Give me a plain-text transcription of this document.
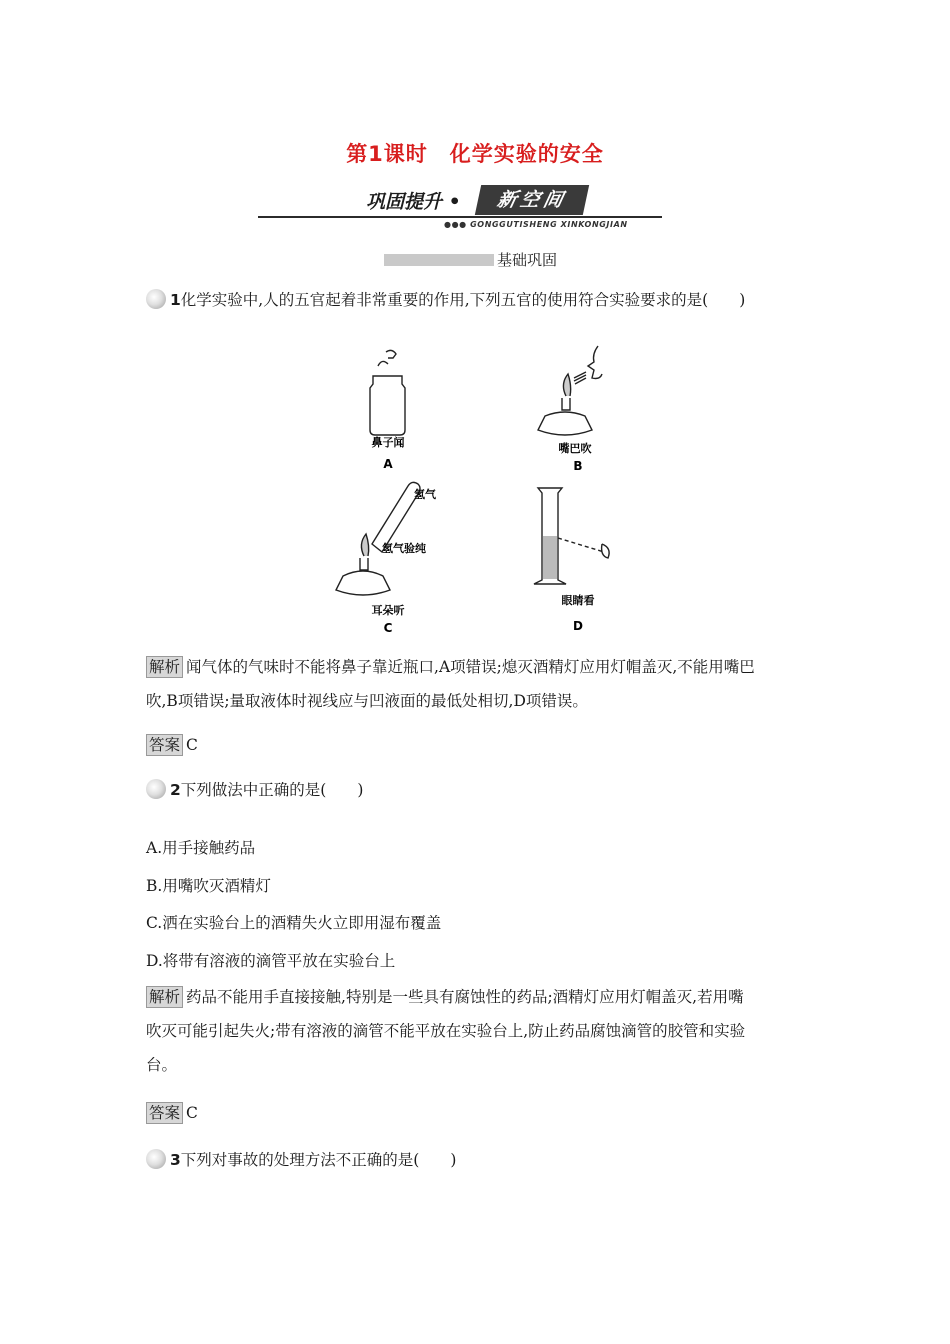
第1课时　化学实验的安全
巩固提升 •	新空间
●●● GONGGUTISHENG XINKONGJIAN
基础巩固
1化学实验中,人的五官起着非常重要的作用,下列五官的使用符合实验要求的是(　　)
鼻子闻
A
嘴巴吹
B
氢气
氢气验纯
耳朵听
C
眼睛看
D
解析 闻气体的气味时不能将鼻子靠近瓶口,A项错误;熄灭酒精灯应用灯帽盖灭,不能用嘴巴
吹,B项错误;量取液体时视线应与凹液面的最低处相切,D项错误。
答案 C
2下列做法中正确的是(　　)
A.用手接触药品
B.用嘴吹灭酒精灯
C.洒在实验台上的酒精失火立即用湿布覆盖
D.将带有溶液的滴管平放在实验台上
解析 药品不能用手直接接触,特别是一些具有腐蚀性的药品;酒精灯应用灯帽盖灭,若用嘴
吹灭可能引起失火;带有溶液的滴管不能平放在实验台上,防止药品腐蚀滴管的胶管和实验
台。
答案 C
3下列对事故的处理方法不正确的是(　　)
